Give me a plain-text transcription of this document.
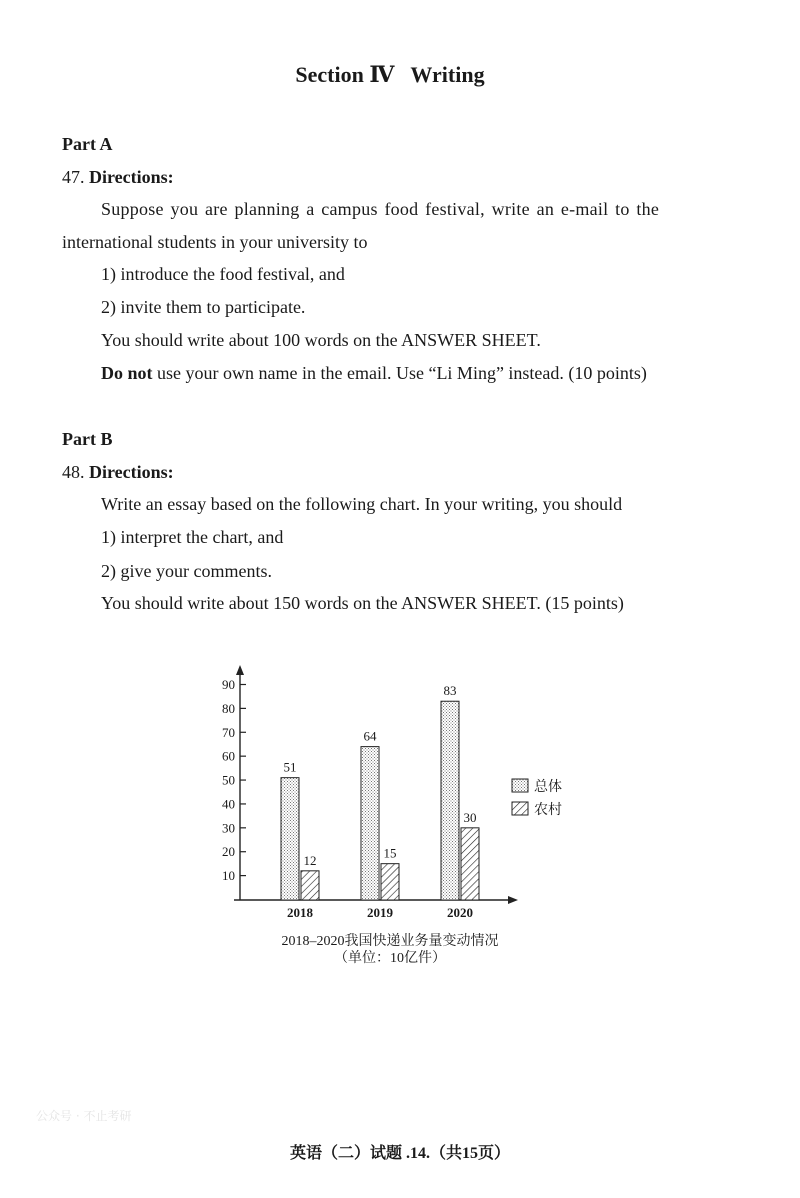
Section Ⅳ   Writing
Part A
47. Directions:
Suppose you are planning a campus food festival, write an e-mail to the
international students in your university to
1) introduce the food festival, and
2) invite them to participate.
You should write about 100 words on the ANSWER SHEET.
Do not use your own name in the email. Use “Li Ming” instead. (10 points)
Part B
48. Directions:
Write an essay based on the following chart. In your writing, you should
1) interpret the chart, and
2) give your comments.
You should write about 150 words on the ANSWER SHEET. (15 points)
10
20
30
40
50
60
70
80
90
51
12
2018
64
15
2019
83
30
2020
总体
农村
2018–2020我国快递业务量变动情况
（单位：10亿件）
公众号 · 不止考研
英语（二）试题 .14.（共15页）
